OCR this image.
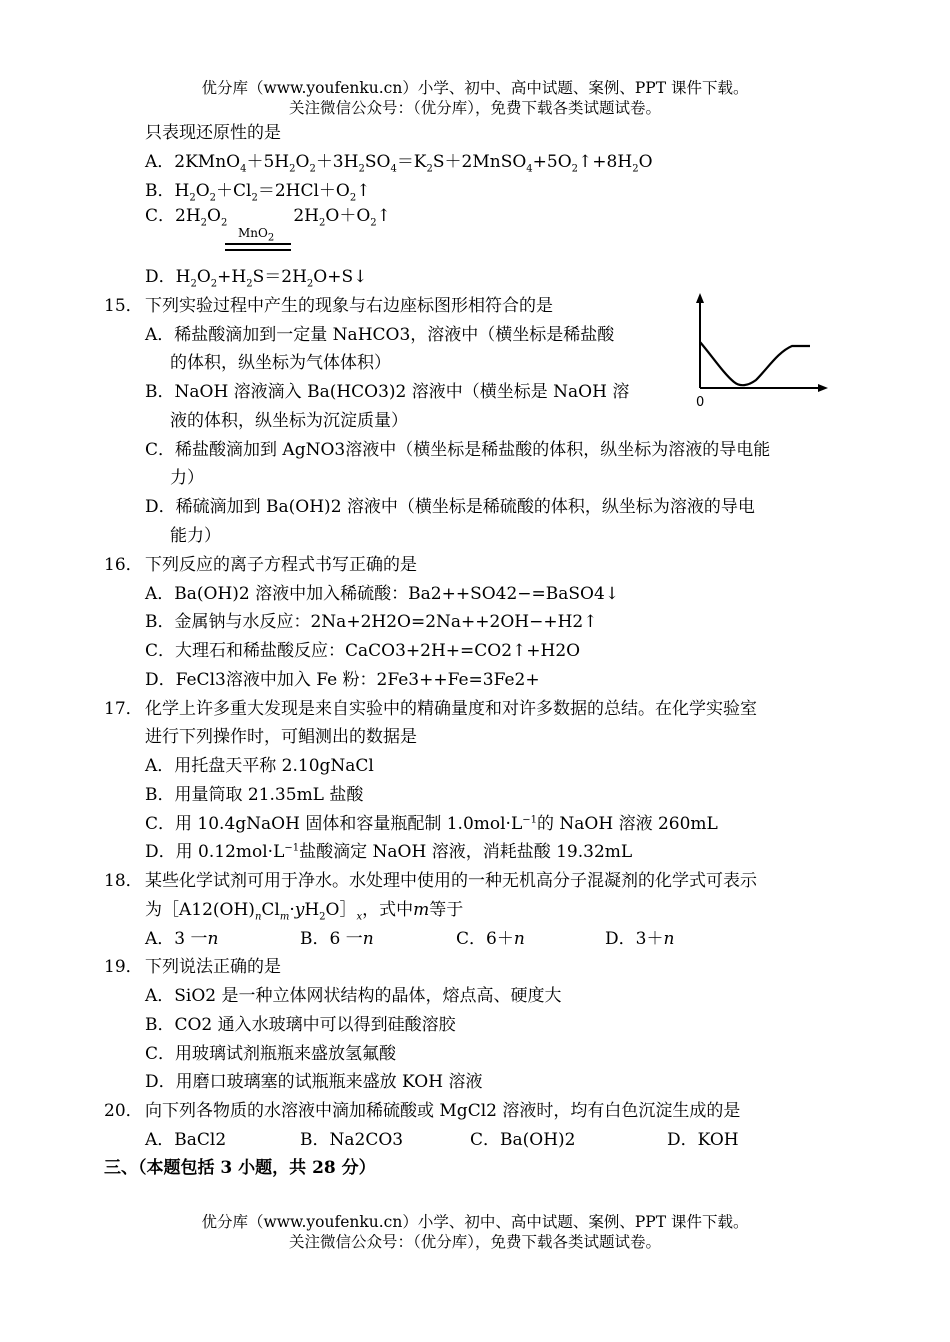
优分库（www.youfenku.cn）小学、初中、高中试题、案例、PPT 课件下载。
关注微信公众号：（优分库），免费下载各类试题试卷。
只表现还原性的是
A．$2KMnO_4+5H_2O_2+3H_2SO_4=K_2S+2MnSO_4+5O_2↑+8H_2O$
B．$H_2O_2+Cl_2=2HCl+O_2↑$
C．$2H_2O_2$	$2H_2O+O_2↑$
MnO$_2$
D．$H_2O_2+H_2S=2H_2O+S↓$
15． 下列实验过程中产生的现象与右边座标图形相符合的是
A．稀盐酸滴加到一定量 NaHCO3，溶液中（横坐标是稀盐酸
的体积，纵坐标为气体体积）
B．NaOH 溶液滴入 Ba(HCO3)2 溶液中（横坐标是 NaOH 溶
液的体积，纵坐标为沉淀质量）
C．稀盐酸滴加到 AgNO3溶液中（横坐标是稀盐酸的体积，纵坐标为溶液的导电能
力）
D．稀硫滴加到 Ba(OH)2 溶液中（横坐标是稀硫酸的体积，纵坐标为溶液的导电
能力）
0
16． 下列反应的离子方程式书写正确的是
A．Ba(OH)2 溶液中加入稀硫酸：Ba2++SO42−=BaSO4↓
B．金属钠与水反应：2Na+2H2O=2Na++2OH−+H2↑
C．大理石和稀盐酸反应：CaCO3+2H+=CO2↑+H2O
D．FeCl3溶液中加入 Fe 粉：2Fe3++Fe=3Fe2+
17． 化学上许多重大发现是来自实验中的精确量度和对许多数据的总结。在化学实验室
进行下列操作时，可鲳测出的数据是
A．用托盘天平称 2.10gNaCl
B．用量筒取 21.35mL 盐酸
C．用 10.4gNaOH 固体和容量瓶配制 $1.0mol\cdot L^{-1}$的 NaOH 溶液 260mL
D．用 $0.12mol\cdot L^{-1}$盐酸滴定 NaOH 溶液，消耗盐酸 19.32mL
18． 某些化学试剂可用于净水。水处理中使用的一种无机高分子混凝剂的化学式可表示
为$[A12(OH)_nCl_m\cdot yH_2O]_x$，式中m等于
A．3 一n	B．6 一n	C．6＋n	D．3＋n
19． 下列说法正确的是
A．SiO2 是一种立体网状结构的晶体，熔点高、硬度大
B．CO2 通入水玻璃中可以得到硅酸溶胶
C．用玻璃试剂瓶瓶来盛放氢氟酸
D．用磨口玻璃塞的试瓶瓶来盛放 KOH 溶液
20． 向下列各物质的水溶液中滴加稀硫酸或 MgCl2 溶液时，均有白色沉淀生成的是
A．BaCl2	B．Na2CO3	C．Ba(OH)2	D．KOH
三、（本题包括 3 小题，共 28 分）
优分库（www.youfenku.cn）小学、初中、高中试题、案例、PPT 课件下载。
关注微信公众号：（优分库），免费下载各类试题试卷。
